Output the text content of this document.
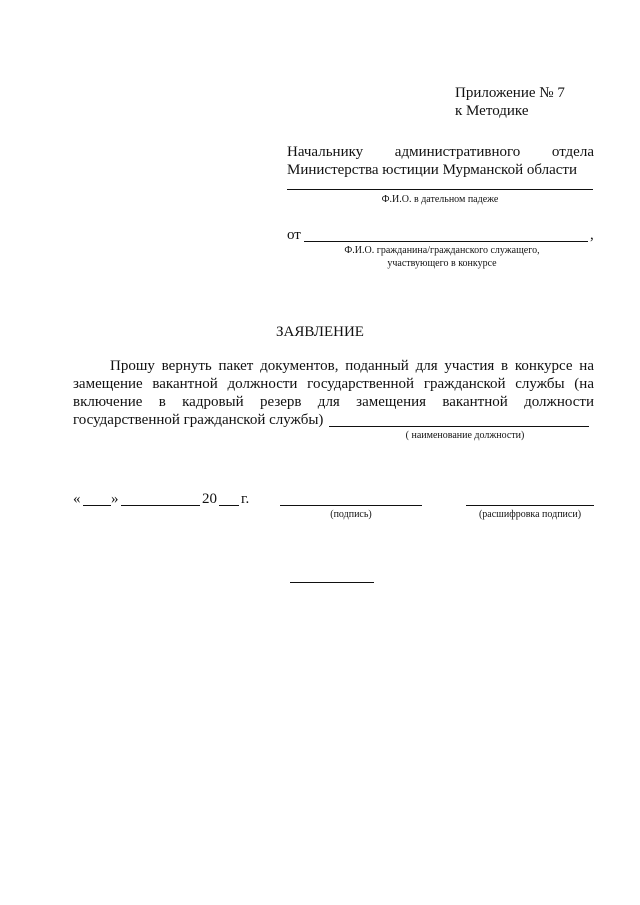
Приложение № 7
к Методике
Начальнику административного отдела
Министерства юстиции Мурманской области
Ф.И.О. в дательном падеже
от	,
Ф.И.О. гражданина/гражданского служащего,
участвующего в конкурсе
ЗАЯВЛЕНИЕ
Прошу вернуть пакет документов, поданный для участия в конкурсе на
замещение вакантной должности государственной гражданской службы (на
включение в кадровый резерв для замещения вакантной должности
государственной гражданской службы)
( наименование должности)
« »	20 г.
(подпись)	(расшифровка подписи)
